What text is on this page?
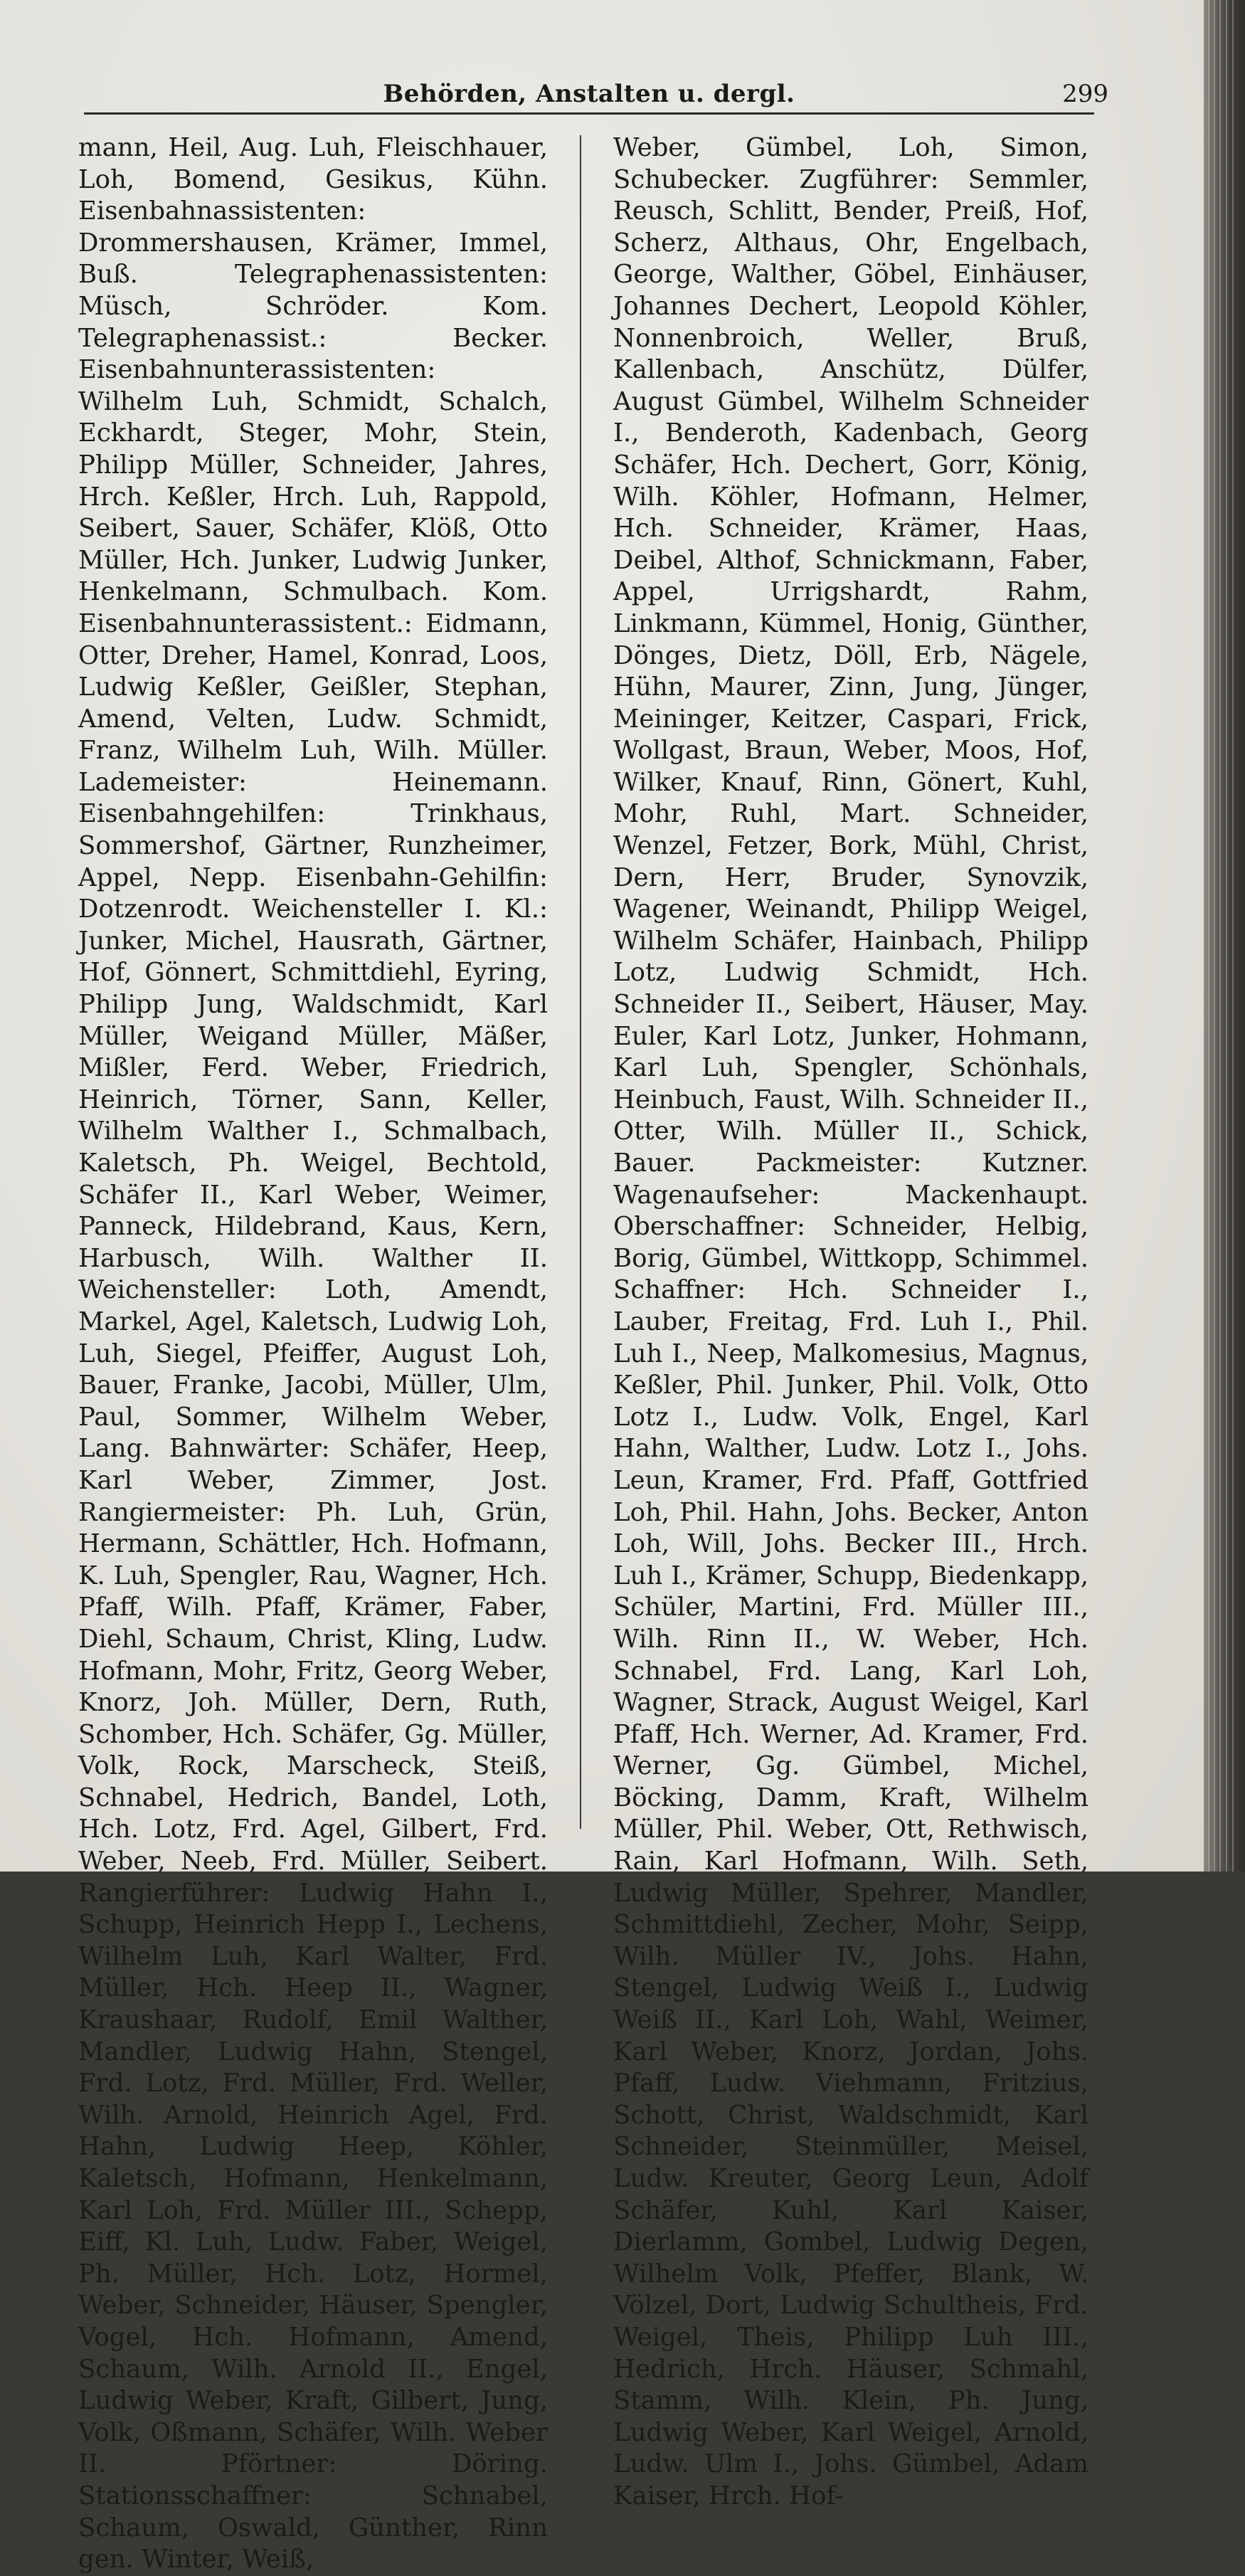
Behörden, Anstalten u. dergl.	299

mann, Heil, Aug. Luh, Fleischhauer, Loh, Bomend, Gesikus, Kühn. Eisenbahnassistenten: Drommershausen, Krämer, Immel, Buß. Telegraphenassistenten: Müsch, Schröder. Kom. Telegraphenassist.: Becker. Eisenbahnunterassistenten: Wilhelm Luh, Schmidt, Schalch, Eckhardt, Steger, Mohr, Stein, Philipp Müller, Schneider, Jahres, Hrch. Keßler, Hrch. Luh, Rappold, Seibert, Sauer, Schäfer, Klöß, Otto Müller, Hch. Junker, Ludwig Junker, Henkelmann, Schmulbach. Kom. Eisenbahnunterassistent.: Eidmann, Otter, Dreher, Hamel, Konrad, Loos, Ludwig Keßler, Geißler, Stephan, Amend, Velten, Ludw. Schmidt, Franz, Wilhelm Luh, Wilh. Müller. Lademeister: Heinemann. Eisenbahngehilfen: Trinkhaus, Sommershof, Gärtner, Runzheimer, Appel, Nepp. Eisenbahn-Gehilfin: Dotzenrodt. Weichensteller I. Kl.: Junker, Michel, Hausrath, Gärtner, Hof, Gönnert, Schmittdiehl, Eyring, Philipp Jung, Waldschmidt, Karl Müller, Weigand Müller, Mäßer, Mißler, Ferd. Weber, Friedrich, Heinrich, Törner, Sann, Keller, Wilhelm Walther I., Schmalbach, Kaletsch, Ph. Weigel, Bechtold, Schäfer II., Karl Weber, Weimer, Panneck, Hildebrand, Kaus, Kern, Harbusch, Wilh. Walther II. Weichensteller: Loth, Amendt, Markel, Agel, Kaletsch, Ludwig Loh, Luh, Siegel, Pfeiffer, August Loh, Bauer, Franke, Jacobi, Müller, Ulm, Paul, Sommer, Wilhelm Weber, Lang. Bahnwärter: Schäfer, Heep, Karl Weber, Zimmer, Jost. Rangiermeister: Ph. Luh, Grün, Hermann, Schättler, Hch. Hofmann, K. Luh, Spengler, Rau, Wagner, Hch. Pfaff, Wilh. Pfaff, Krämer, Faber, Diehl, Schaum, Christ, Kling, Ludw. Hofmann, Mohr, Fritz, Georg Weber, Knorz, Joh. Müller, Dern, Ruth, Schomber, Hch. Schäfer, Gg. Müller, Volk, Rock, Marscheck, Steiß, Schnabel, Hedrich, Bandel, Loth, Hch. Lotz, Frd. Agel, Gilbert, Frd. Weber, Neeb, Frd. Müller, Seibert. Rangierführer: Ludwig Hahn I., Schupp, Heinrich Hepp I., Lechens, Wilhelm Luh, Karl Walter, Frd. Müller, Hch. Heep II., Wagner, Kraushaar, Rudolf, Emil Walther, Mandler, Ludwig Hahn, Stengel, Frd. Lotz, Frd. Müller, Frd. Weller, Wilh. Arnold, Heinrich Agel, Frd. Hahn, Ludwig Heep, Köhler, Kaletsch, Hofmann, Henkelmann, Karl Loh, Frd. Müller III., Schepp, Eiff, Kl. Luh, Ludw. Faber, Weigel, Ph. Müller, Hch. Lotz, Hormel, Weber, Schneider, Häuser, Spengler, Vogel, Hch. Hofmann, Amend, Schaum, Wilh. Arnold II., Engel, Ludwig Weber, Kraft, Gilbert, Jung, Volk, Oßmann, Schäfer, Wilh. Weber II. Pförtner: Döring. Stationsschaffner: Schnabel, Schaum, Oswald, Günther, Rinn gen. Winter, Weiß,

Weber, Gümbel, Loh, Simon, Schubecker. Zugführer: Semmler, Reusch, Schlitt, Bender, Preiß, Hof, Scherz, Althaus, Ohr, Engelbach, George, Walther, Göbel, Einhäuser, Johannes Dechert, Leopold Köhler, Nonnenbroich, Weller, Bruß, Kallenbach, Anschütz, Dülfer, August Gümbel, Wilhelm Schneider I., Benderoth, Kadenbach, Georg Schäfer, Hch. Dechert, Gorr, König, Wilh. Köhler, Hofmann, Helmer, Hch. Schneider, Krämer, Haas, Deibel, Althof, Schnickmann, Faber, Appel, Urrigshardt, Rahm, Linkmann, Kümmel, Honig, Günther, Dönges, Dietz, Döll, Erb, Nägele, Hühn, Maurer, Zinn, Jung, Jünger, Meininger, Keitzer, Caspari, Frick, Wollgast, Braun, Weber, Moos, Hof, Wilker, Knauf, Rinn, Gönert, Kuhl, Mohr, Ruhl, Mart. Schneider, Wenzel, Fetzer, Bork, Mühl, Christ, Dern, Herr, Bruder, Synovzik, Wagener, Weinandt, Philipp Weigel, Wilhelm Schäfer, Hainbach, Philipp Lotz, Ludwig Schmidt, Hch. Schneider II., Seibert, Häuser, May. Euler, Karl Lotz, Junker, Hohmann, Karl Luh, Spengler, Schönhals, Heinbuch, Faust, Wilh. Schneider II., Otter, Wilh. Müller II., Schick, Bauer. Packmeister: Kutzner. Wagenaufseher: Mackenhaupt. Oberschaffner: Schneider, Helbig, Borig, Gümbel, Wittkopp, Schimmel. Schaffner: Hch. Schneider I., Lauber, Freitag, Frd. Luh I., Phil. Luh I., Neep, Malkomesius, Magnus, Keßler, Phil. Junker, Phil. Volk, Otto Lotz I., Ludw. Volk, Engel, Karl Hahn, Walther, Ludw. Lotz I., Johs. Leun, Kramer, Frd. Pfaff, Gottfried Loh, Phil. Hahn, Johs. Becker, Anton Loh, Will, Johs. Becker III., Hrch. Luh I., Krämer, Schupp, Biedenkapp, Schüler, Martini, Frd. Müller III., Wilh. Rinn II., W. Weber, Hch. Schnabel, Frd. Lang, Karl Loh, Wagner, Strack, August Weigel, Karl Pfaff, Hch. Werner, Ad. Kramer, Frd. Werner, Gg. Gümbel, Michel, Böcking, Damm, Kraft, Wilhelm Müller, Phil. Weber, Ott, Rethwisch, Rain, Karl Hofmann, Wilh. Seth, Ludwig Müller, Spehrer, Mandler, Schmittdiehl, Zecher, Mohr, Seipp, Wilh. Müller IV., Johs. Hahn, Stengel, Ludwig Weiß I., Ludwig Weiß II., Karl Loh, Wahl, Weimer, Karl Weber, Knorz, Jordan, Johs. Pfaff, Ludw. Viehmann, Fritzius, Schott, Christ, Waldschmidt, Karl Schneider, Steinmüller, Meisel, Ludw. Kreuter, Georg Leun, Adolf Schäfer, Kuhl, Karl Kaiser, Dierlamm, Gombel, Ludwig Degen, Wilhelm Volk, Pfeffer, Blank, W. Völzel, Dort, Ludwig Schultheis, Frd. Weigel, Theis, Philipp Luh III., Hedrich, Hrch. Häuser, Schmahl, Stamm, Wilh. Klein, Ph. Jung, Ludwig Weber, Karl Weigel, Arnold, Ludw. Ulm I., Johs. Gümbel, Adam Kaiser, Hrch. Hof-
